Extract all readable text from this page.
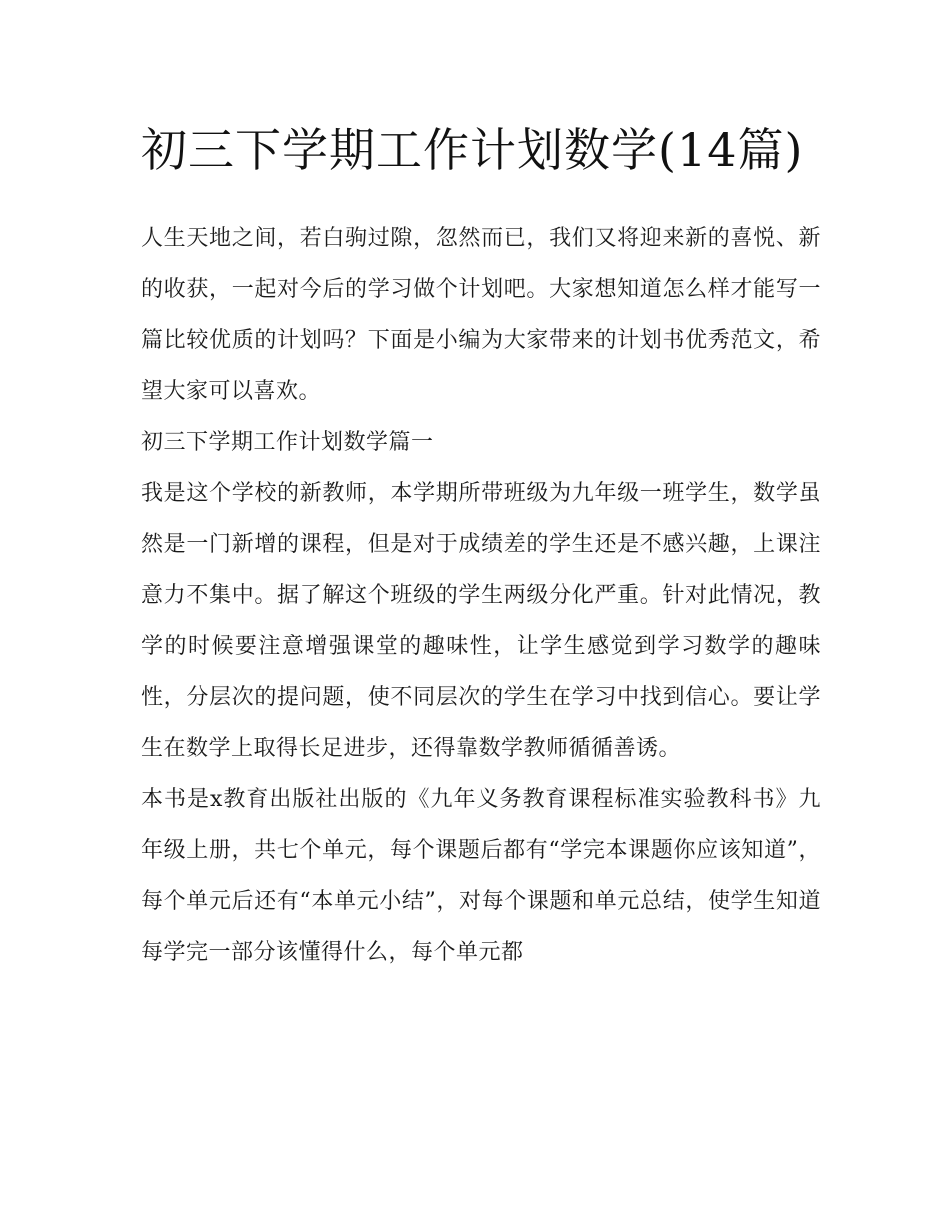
初三下学期工作计划数学(14篇)

人生天地之间，若白驹过隙，忽然而已，我们又将迎来新的喜悦、新的收获，一起对今后的学习做个计划吧。大家想知道怎么样才能写一篇比较优质的计划吗？下面是小编为大家带来的计划书优秀范文，希望大家可以喜欢。

初三下学期工作计划数学篇一

我是这个学校的新教师，本学期所带班级为九年级一班学生，数学虽然是一门新增的课程，但是对于成绩差的学生还是不感兴趣，上课注意力不集中。据了解这个班级的学生两级分化严重。针对此情况，教学的时候要注意增强课堂的趣味性，让学生感觉到学习数学的趣味性，分层次的提问题，使不同层次的学生在学习中找到信心。要让学生在数学上取得长足进步，还得靠数学教师循循善诱。

本书是x教育出版社出版的《九年义务教育课程标准实验教科书》九年级上册，共七个单元，每个课题后都有“学完本课题你应该知道”，每个单元后还有“本单元小结”，对每个课题和单元总结，使学生知道每学完一部分该懂得什么，每个单元都
